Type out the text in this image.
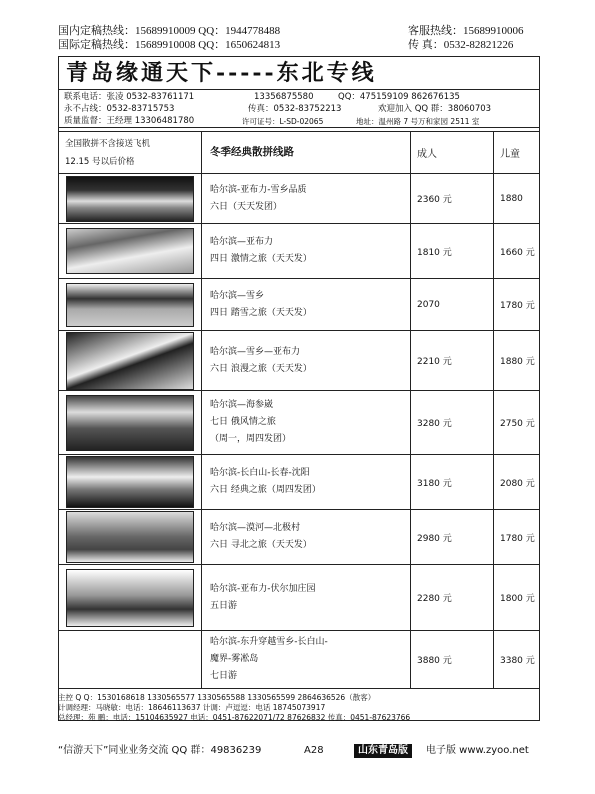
国内定稿热线：15689910009 QQ：1944778488
国际定稿热线：15689910008 QQ：1650624813
客服热线：15689910006
传 真：0532-82821226
青岛缘通天下-----东北专线
联系电话：张凌 0532-83761171	13356875580	QQ：475159109 862676135
永不占线：0532-83715753	传真：0532-83752213	欢迎加入 QQ 群：38060703
质量监督：王经理 13306481780	许可证号：L-SD-02065	地址：温州路 7 号万和家园 2511 室
全国散拼不含接送飞机
12.15 号以后价格	冬季经典散拼线路	成人	儿童

	哈尔滨-亚布力-雪乡品质
六日（天天发团）	2360 元	1880

	哈尔滨—亚布力
四日 激情之旅（天天发）	1810 元	1660 元

	哈尔滨—雪乡
四日 踏雪之旅（天天发）	2070	1780 元

	哈尔滨—雪乡—亚布力
六日 浪漫之旅（天天发）	2210 元	1880 元

	哈尔滨—海参崴
七日 俄风情之旅
（周一，周四发团）	3280 元	2750 元

	哈尔滨-长白山-长春-沈阳
六日 经典之旅（周四发团）	3180 元	2080 元

	哈尔滨—漠河—北极村
六日 寻北之旅（天天发）	2980 元	1780 元

	哈尔滨-亚布力-伏尔加庄园
五日游	2280 元	1800 元

	哈尔滨-东升穿越雪乡-长白山-
魔界-雾凇岛
七日游	3880 元	3380 元
主控 Q Q：1530168618 1330565577 1330565588 1330565599 2864636526（散客）
计调经理：马晓敏：电话：18646113637 计调：卢逗逗：电话 18745073917
总经理：苑 鹏：电话：15104635927 电话：0451-87622071/72 87626832 传真：0451-87623766
“信游天下”同业业务交流 QQ 群：49836239	A28	山东青岛版	电子版 www.zyoo.net
